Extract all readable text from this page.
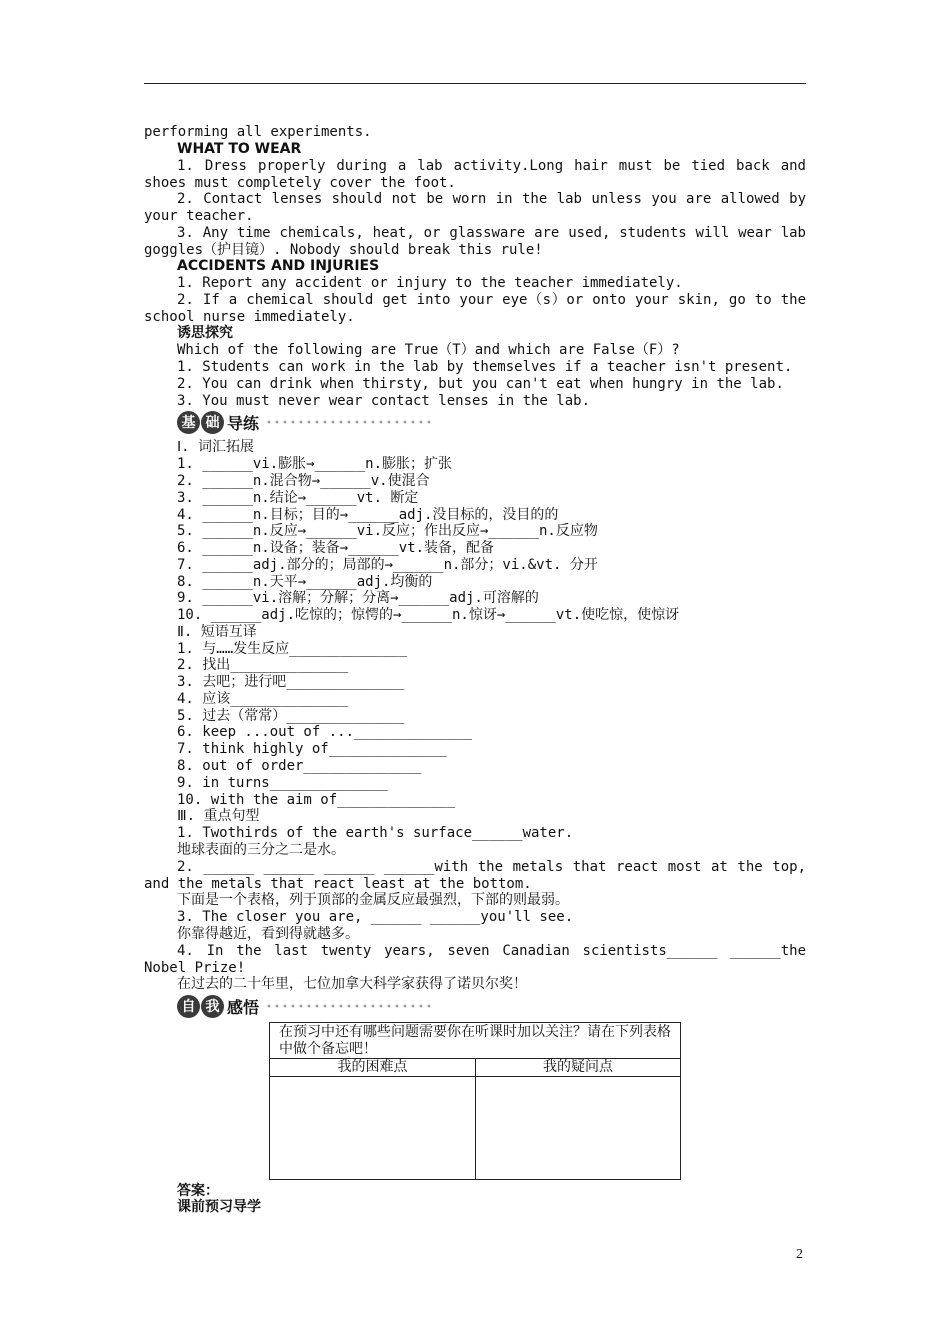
performing all experiments.
WHAT TO WEAR
1. Dress properly during a lab activity.Long hair must be tied back and
shoes must completely cover the foot.
2. Contact lenses should not be worn in the lab unless you are allowed by
your teacher.
3. Any time chemicals, heat, or glassware are used, students will wear lab
goggles（护目镜）. Nobody should break this rule!
ACCIDENTS AND INJURIES
1. Report any accident or injury to the teacher immediately.
2. If a chemical should get into your eye（s）or onto your skin, go to the
school nurse immediately.
诱思探究
Which of the following are True（T）and which are False（F）?
1. Students can work in the lab by themselves if a teacher isn't present.
2. You can drink when thirsty, but you can't eat when hungry in the lab.
3. You must never wear contact lenses in the lab.
基 础 导练
Ⅰ. 词汇拓展
1. ______vi.膨胀→______n.膨胀；扩张
2. ______n.混合物→______v.使混合
3. ______n.结论→______vt. 断定
4. ______n.目标；目的→______adj.没目标的，没目的的
5. ______n.反应→______vi.反应；作出反应→______n.反应物
6. ______n.设备；装备→______vt.装备，配备
7. ______adj.部分的；局部的→______n.部分；vi.&vt. 分开
8. ______n.天平→______adj.均衡的
9. ______vi.溶解；分解；分离→______adj.可溶解的
10. ______adj.吃惊的；惊愕的→______n.惊讶→______vt.使吃惊，使惊讶
Ⅱ. 短语互译
1. 与……发生反应______________
2. 找出______________
3. 去吧；进行吧______________
4. 应该______________
5. 过去（常常）______________
6. keep ...out of ...______________
7. think highly of______________
8. out of order______________
9. in turns______________
10. with the aim of______________
Ⅲ. 重点句型
1. Twothirds of the earth's surface______water.
地球表面的三分之二是水。
2. ______ ______ ______ ______with the metals that react most at the top,
and the metals that react least at the bottom.
下面是一个表格，列于顶部的金属反应最强烈，下部的则最弱。
3. The closer you are, ______ ______you'll see.
你靠得越近，看到得就越多。
4. In the last twenty years, seven Canadian scientists______ ______the
Nobel Prize!
在过去的二十年里，七位加拿大科学家获得了诺贝尔奖！
自 我 感悟
在预习中还有哪些问题需要你在听课时加以关注？请在下列表格中做个备忘吧！
我的困难点	我的疑问点
答案：
课前预习导学
2
